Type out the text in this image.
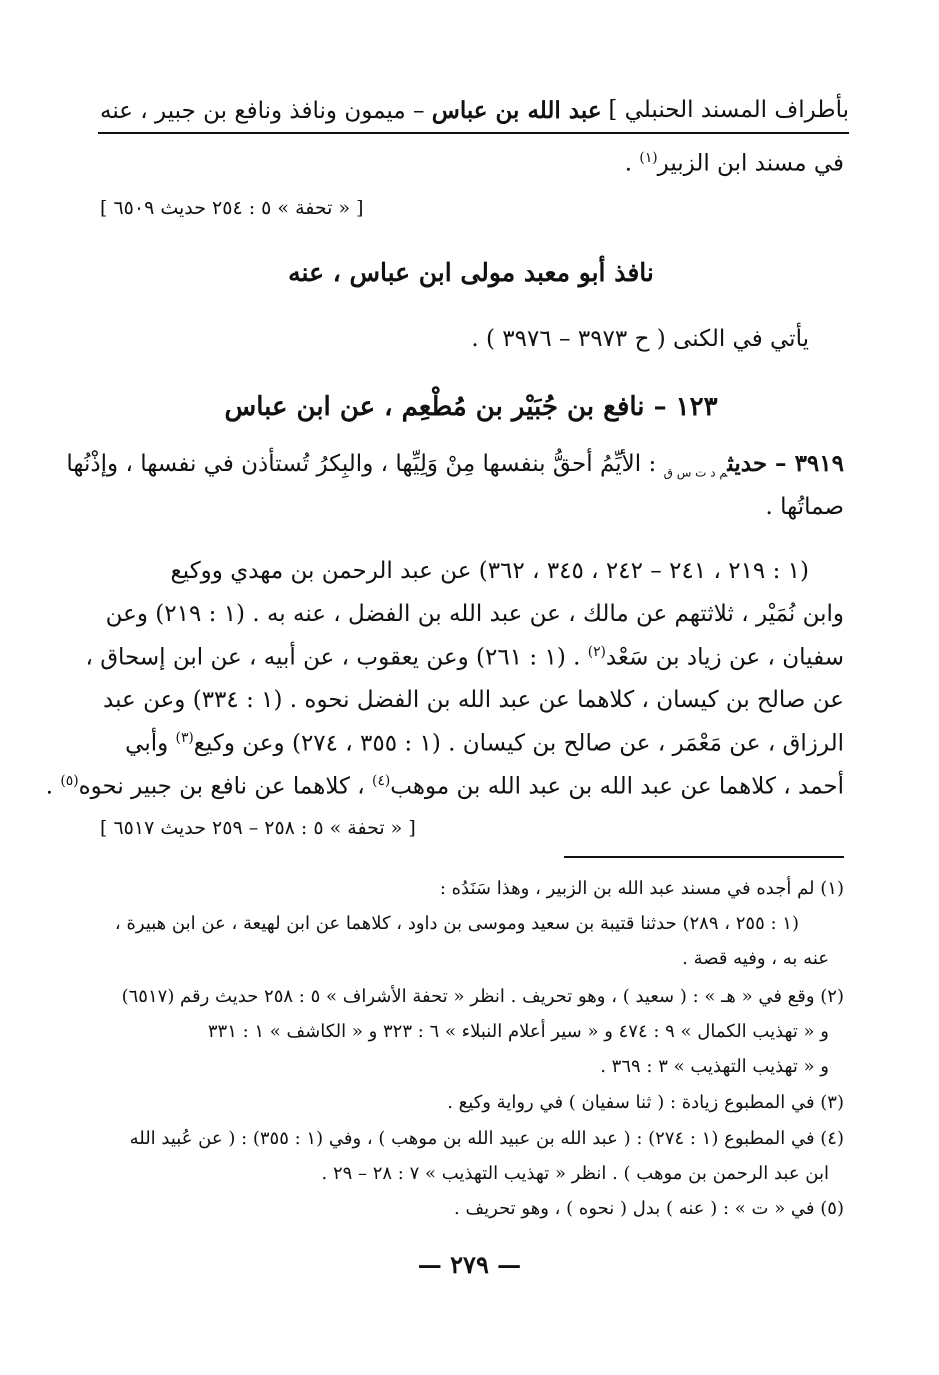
بأطراف المسند الحنبلي ]
عبد الله بن عباس – ميمون ونافذ ونافع بن جبير ، عنه
في مسند ابن الزبير$^{(١)}$ .
[ « تحفة » ٥ : ٢٥٤ حديث ٦٥٠٩ ]
نافذ أبو معبد مولى ابن عباس ، عنه
يأتي في الكنى ( ح ٣٩٧٣ – ٣٩٧٦ ) .
١٢٣ – نافع بن جُبَيْر بن مُطْعِم ، عن ابن عباس
٣٩١٩ – حديث$_{م د ت س ق}$ : الأيِّمُ أحقُّ بنفسها مِنْ وَلِيِّها ، والبِكرُ تُستأذن في نفسها ، وإذْنُها
صماتُها .
(١ : ٢١٩ ، ٢٤١ – ٢٤٢ ، ٣٤٥ ، ٣٦٢) عن عبد الرحمن بن مهدي ووكيع
وابن نُمَيْر ، ثلاثتهم عن مالك ، عن عبد الله بن الفضل ، عنه به . (١ : ٢١٩) وعن
سفيان ، عن زياد بن سَعْد$^{(٢)}$ . (١ : ٢٦١) وعن يعقوب ، عن أبيه ، عن ابن إسحاق ،
عن صالح بن كيسان ، كلاهما عن عبد الله بن الفضل نحوه . (١ : ٣٣٤) وعن عبد
الرزاق ، عن مَعْمَر ، عن صالح بن كيسان . (١ : ٣٥٥ ، ٢٧٤) وعن وكيع$^{(٣)}$ وأبي
أحمد ، كلاهما عن عبد الله بن عبد الله بن موهب$^{(٤)}$ ، كلاهما عن نافع بن جبير نحوه$^{(٥)}$ .
[ « تحفة » ٥ : ٢٥٨ – ٢٥٩ حديث ٦٥١٧ ]
(١) لم أجده في مسند عبد الله بن الزبير ، وهذا سَنَدُه :
(١ : ٢٥٥ ، ٢٨٩) حدثنا قتيبة بن سعيد وموسى بن داود ، كلاهما عن ابن لهيعة ، عن ابن هبيرة ،
عنه به ، وفيه قصة .
(٢) وقع في « هـ » : ( سعيد ) ، وهو تحريف . انظر « تحفة الأشراف » ٥ : ٢٥٨ حديث رقم (٦٥١٧)
و « تهذيب الكمال » ٩ : ٤٧٤ و « سير أعلام النبلاء » ٦ : ٣٢٣ و « الكاشف » ١ : ٣٣١
و « تهذيب التهذيب » ٣ : ٣٦٩ .
(٣) في المطبوع زيادة : ( ثنا سفيان ) في رواية وكيع .
(٤) في المطبوع (١ : ٢٧٤) : ( عبد الله بن عبيد الله بن موهب ) ، وفي (١ : ٣٥٥) : ( عن عُبيد الله
ابن عبد الرحمن بن موهب ) . انظر « تهذيب التهذيب » ٧ : ٢٨ – ٢٩ .
(٥) في « ت » : ( عنه ) بدل ( نحوه ) ، وهو تحريف .
— ٢٧٩ —
